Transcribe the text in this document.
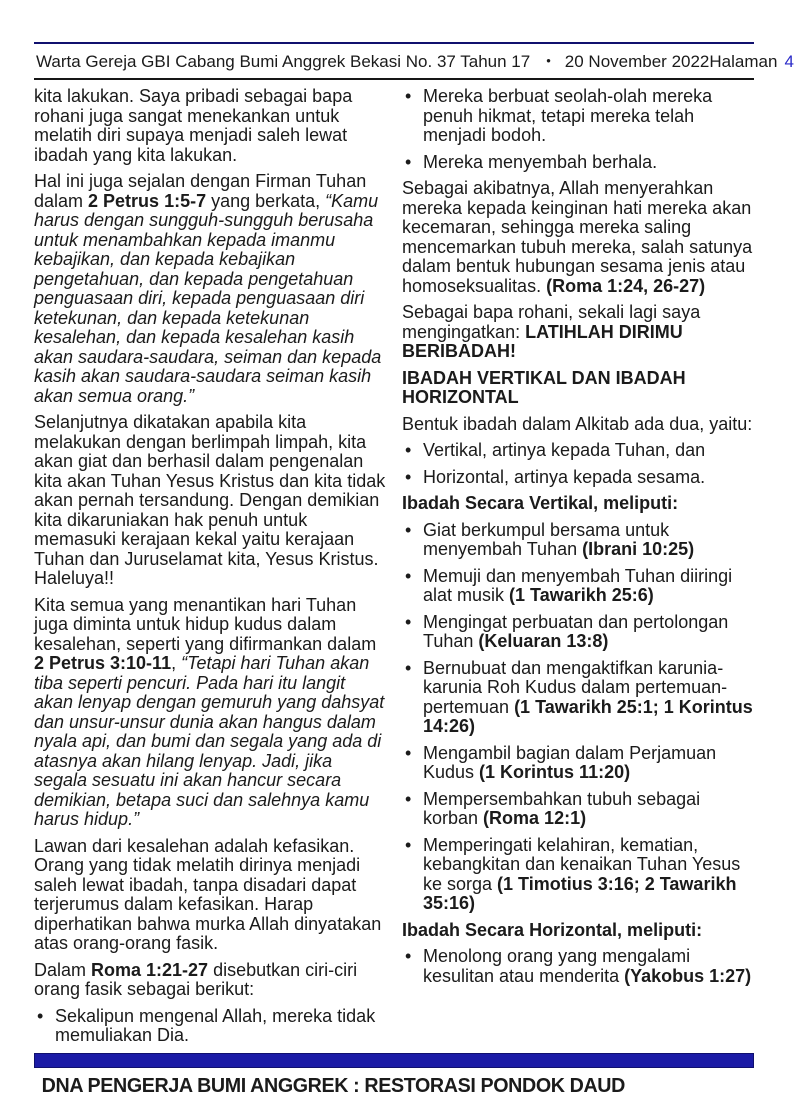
Warta Gereja GBI Cabang Bumi Anggrek Bekasi No. 37 Tahun 17 • 20 November 2022 Halaman 4
kita lakukan. Saya pribadi sebagai bapa rohani juga sangat menekankan untuk melatih diri supaya menjadi saleh lewat ibadah yang kita lakukan.
Hal ini juga sejalan dengan Firman Tuhan dalam 2 Petrus 1:5-7 yang berkata, “Kamu harus dengan sungguh-sungguh berusaha untuk menambahkan kepada imanmu kebajikan, dan kepada kebajikan pengetahuan, dan kepada pengetahuan penguasaan diri, kepada penguasaan diri ketekunan, dan kepada ketekunan kesalehan, dan kepada kesalehan kasih akan saudara-saudara, seiman dan kepada kasih akan saudara-saudara seiman kasih akan semua orang.”
Selanjutnya dikatakan apabila kita melakukan dengan berlimpah limpah, kita akan giat dan berhasil dalam pengenalan kita akan Tuhan Yesus Kristus dan kita tidak akan pernah tersandung. Dengan demikian kita dikaruniakan hak penuh untuk memasuki kerajaan kekal yaitu kerajaan Tuhan dan Juruselamat kita, Yesus Kristus. Haleluya!!
Kita semua yang menantikan hari Tuhan juga diminta untuk hidup kudus dalam kesalehan, seperti yang difirmankan dalam 2 Petrus 3:10-11, “Tetapi hari Tuhan akan tiba seperti pencuri. Pada hari itu langit akan lenyap dengan gemuruh yang dahsyat dan unsur-unsur dunia akan hangus dalam nyala api, dan bumi dan segala yang ada di atasnya akan hilang lenyap. Jadi, jika segala sesuatu ini akan hancur secara demikian, betapa suci dan salehnya kamu harus hidup.”
Lawan dari kesalehan adalah kefasikan. Orang yang tidak melatih dirinya menjadi saleh lewat ibadah, tanpa disadari dapat terjerumus dalam kefasikan. Harap diperhatikan bahwa murka Allah dinyatakan atas orang-orang fasik.
Dalam Roma 1:21-27 disebutkan ciri-ciri orang fasik sebagai berikut:
• Sekalipun mengenal Allah, mereka tidak memuliakan Dia.
• Mereka berbuat seolah-olah mereka penuh hikmat, tetapi mereka telah menjadi bodoh.
• Mereka menyembah berhala.
Sebagai akibatnya, Allah menyerahkan mereka kepada keinginan hati mereka akan kecemaran, sehingga mereka saling mencemarkan tubuh mereka, salah satunya dalam bentuk hubungan sesama jenis atau homoseksualitas. (Roma 1:24, 26-27)
Sebagai bapa rohani, sekali lagi saya mengingatkan: LATIHLAH DIRIMU BERIBADAH!
IBADAH VERTIKAL DAN IBADAH HORIZONTAL
Bentuk ibadah dalam Alkitab ada dua, yaitu:
• Vertikal, artinya kepada Tuhan, dan
• Horizontal, artinya kepada sesama.
Ibadah Secara Vertikal, meliputi:
• Giat berkumpul bersama untuk menyembah Tuhan (Ibrani 10:25)
• Memuji dan menyembah Tuhan diiringi alat musik (1 Tawarikh 25:6)
• Mengingat perbuatan dan pertolongan Tuhan (Keluaran 13:8)
• Bernubuat dan mengaktifkan karunia-karunia Roh Kudus dalam pertemuan-pertemuan (1 Tawarikh 25:1; 1 Korintus 14:26)
• Mengambil bagian dalam Perjamuan Kudus (1 Korintus 11:20)
• Mempersembahkan tubuh sebagai korban (Roma 12:1)
• Memperingati kelahiran, kematian, kebangkitan dan kenaikan Tuhan Yesus ke sorga (1 Timotius 3:16; 2 Tawarikh 35:16)
Ibadah Secara Horizontal, meliputi:
• Menolong orang yang mengalami kesulitan atau menderita (Yakobus 1:27)
DNA PENGERJA BUMI ANGGREK : RESTORASI PONDOK DAUD
